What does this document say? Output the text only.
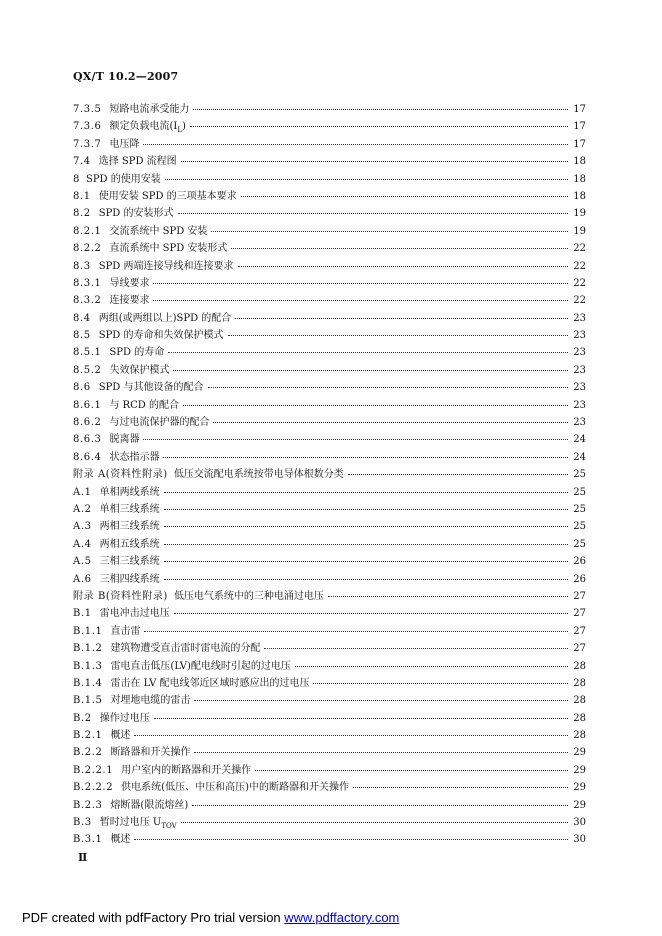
QX/T 10.2—2007
7.3.5 短路电流承受能力	17
7.3.6 额定负载电流$(I_L)$	17
7.3.7 电压降	17
7.4 选择 SPD 流程图	18
8 SPD 的使用安装	18
8.1 使用安装 SPD 的三项基本要求	18
8.2 SPD 的安装形式	19
8.2.1 交流系统中 SPD 安装	19
8.2.2 直流系统中 SPD 安装形式	22
8.3 SPD 两端连接导线和连接要求	22
8.3.1 导线要求	22
8.3.2 连接要求	22
8.4 两组(或两组以上)SPD 的配合	23
8.5 SPD 的寿命和失效保护模式	23
8.5.1 SPD 的寿命	23
8.5.2 失效保护模式	23
8.6 SPD 与其他设备的配合	23
8.6.1 与 RCD 的配合	23
8.6.2 与过电流保护器的配合	23
8.6.3 脱离器	24
8.6.4 状态指示器	24
附录 A(资料性附录) 低压交流配电系统按带电导体根数分类	25
A.1 单相两线系统	25
A.2 单相三线系统	25
A.3 两相三线系统	25
A.4 两相五线系统	25
A.5 三相三线系统	26
A.6 三相四线系统	26
附录 B(资料性附录) 低压电气系统中的三种电涌过电压	27
B.1 雷电冲击过电压	27
B.1.1 直击雷	27
B.1.2 建筑物遭受直击雷时雷电流的分配	27
B.1.3 雷电直击低压(LV)配电线时引起的过电压	28
B.1.4 雷击在 LV 配电线邻近区域时感应出的过电压	28
B.1.5 对埋地电缆的雷击	28
B.2 操作过电压	28
B.2.1 概述	28
B.2.2 断路器和开关操作	29
B.2.2.1 用户室内的断路器和开关操作	29
B.2.2.2 供电系统(低压、中压和高压)中的断路器和开关操作	29
B.2.3 熔断器(限流熔丝)	29
B.3 暂时过电压 $U_{TOV}$	30
B.3.1 概述	30
Ⅱ
PDF created with pdfFactory Pro trial version www.pdffactory.com
